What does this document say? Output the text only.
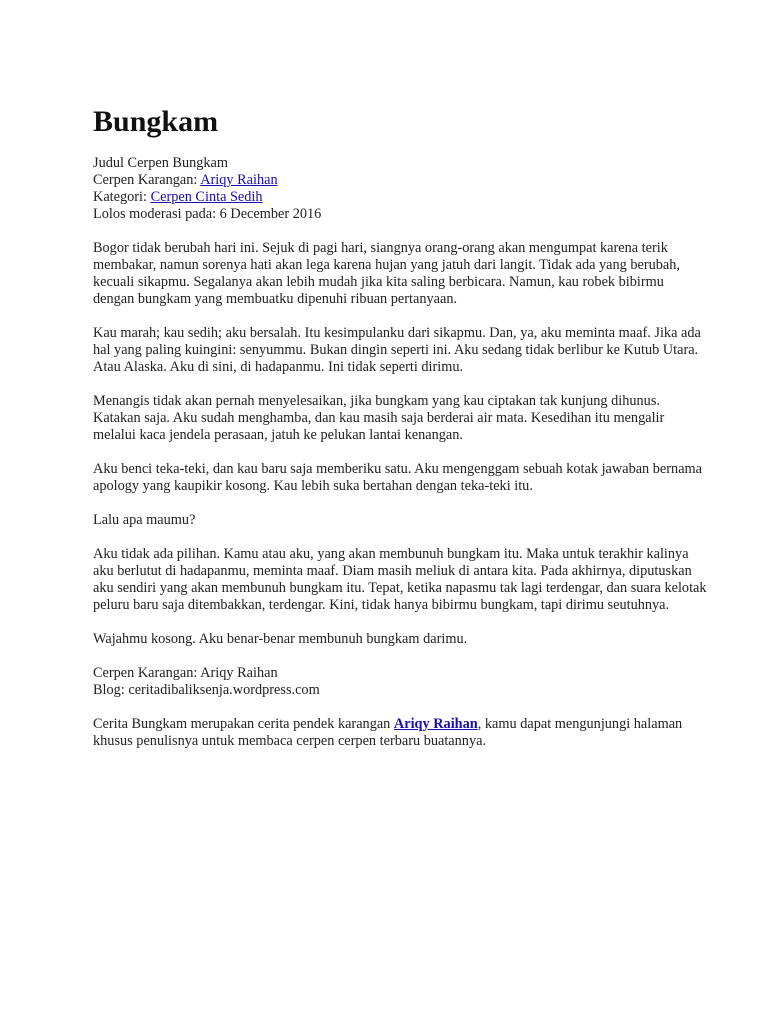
Bungkam
Judul Cerpen Bungkam
Cerpen Karangan: Ariqy Raihan
Kategori: Cerpen Cinta Sedih
Lolos moderasi pada: 6 December 2016

Bogor tidak berubah hari ini. Sejuk di pagi hari, siangnya orang-orang akan mengumpat karena terik membakar, namun sorenya hati akan lega karena hujan yang jatuh dari langit. Tidak ada yang berubah, kecuali sikapmu. Segalanya akan lebih mudah jika kita saling berbicara. Namun, kau robek bibirmu dengan bungkam yang membuatku dipenuhi ribuan pertanyaan.

Kau marah; kau sedih; aku bersalah. Itu kesimpulanku dari sikapmu. Dan, ya, aku meminta maaf. Jika ada hal yang paling kuingini: senyummu. Bukan dingin seperti ini. Aku sedang tidak berlibur ke Kutub Utara. Atau Alaska. Aku di sini, di hadapanmu. Ini tidak seperti dirimu.

Menangis tidak akan pernah menyelesaikan, jika bungkam yang kau ciptakan tak kunjung dihunus. Katakan saja. Aku sudah menghamba, dan kau masih saja berderai air mata. Kesedihan itu mengalir melalui kaca jendela perasaan, jatuh ke pelukan lantai kenangan.

Aku benci teka-teki, dan kau baru saja memberiku satu. Aku mengenggam sebuah kotak jawaban bernama apology yang kaupikir kosong. Kau lebih suka bertahan dengan teka-teki itu.

Lalu apa maumu?

Aku tidak ada pilihan. Kamu atau aku, yang akan membunuh bungkam itu. Maka untuk terakhir kalinya aku berlutut di hadapanmu, meminta maaf. Diam masih meliuk di antara kita. Pada akhirnya, diputuskan aku sendiri yang akan membunuh bungkam itu. Tepat, ketika napasmu tak lagi terdengar, dan suara kelotak peluru baru saja ditembakkan, terdengar. Kini, tidak hanya bibirmu bungkam, tapi dirimu seutuhnya.

Wajahmu kosong. Aku benar-benar membunuh bungkam darimu.

Cerpen Karangan: Ariqy Raihan
Blog: ceritadibaliksenja.wordpress.com

Cerita Bungkam merupakan cerita pendek karangan Ariqy Raihan, kamu dapat mengunjungi halaman khusus penulisnya untuk membaca cerpen cerpen terbaru buatannya.
